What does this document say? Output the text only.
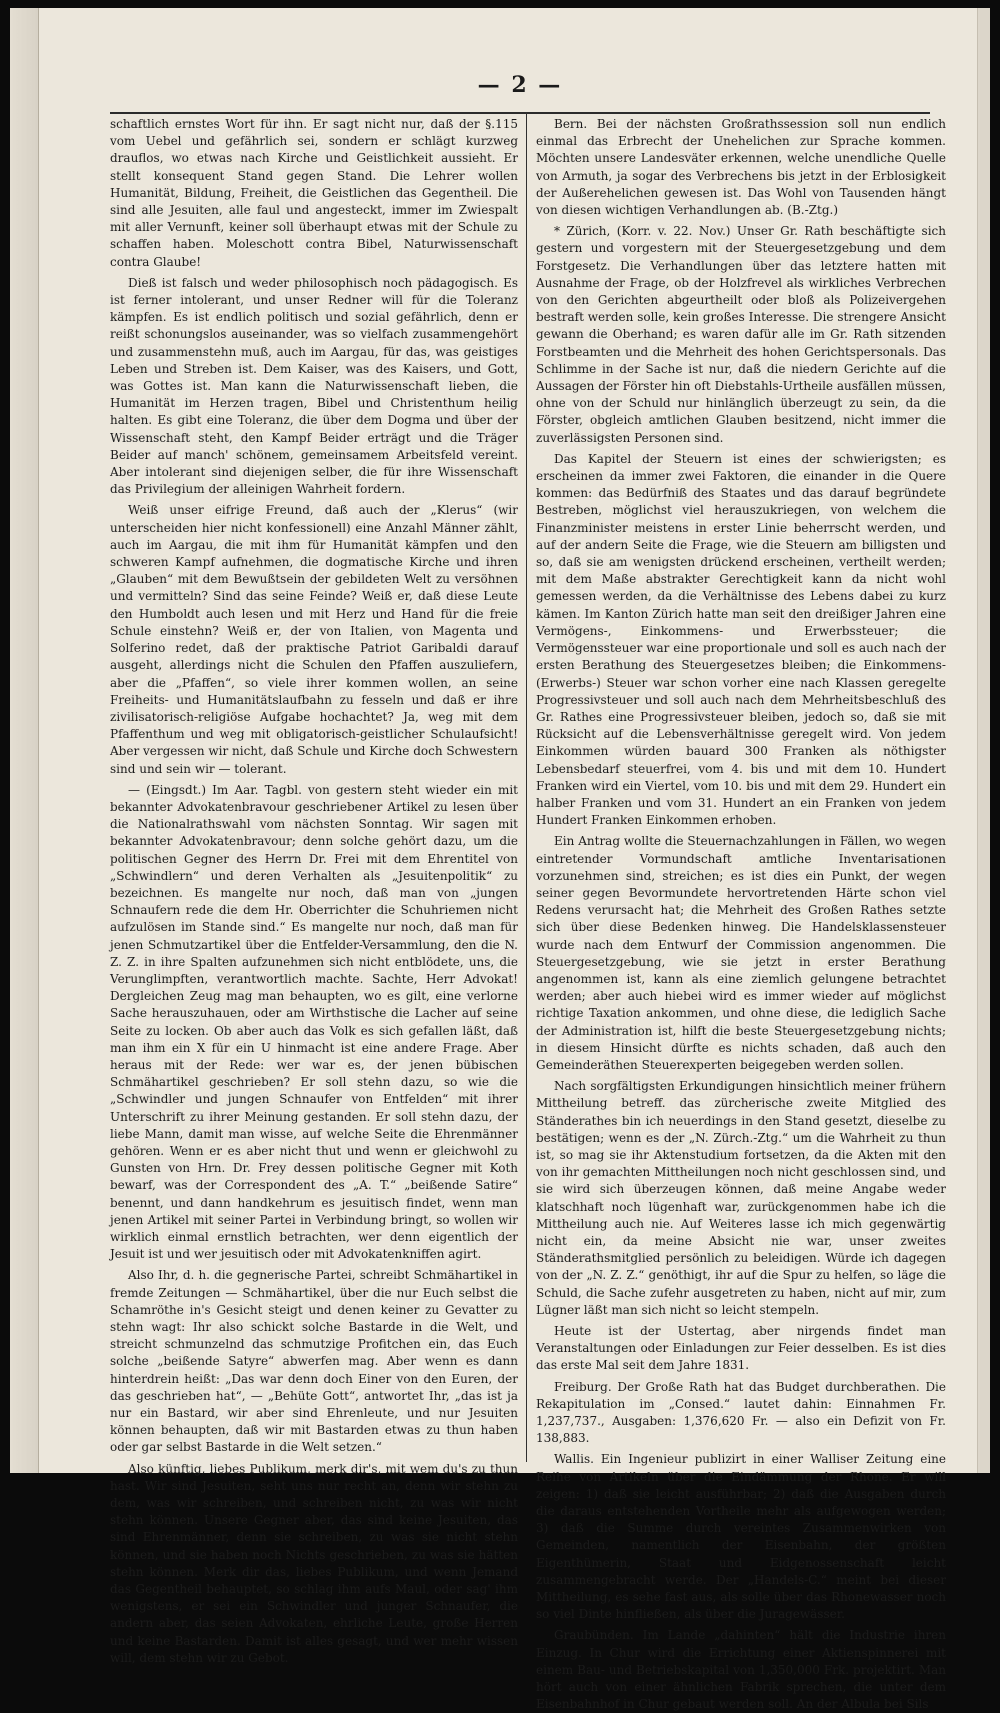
— 2 —

schaftlich ernstes Wort für ihn. Er sagt nicht nur, daß der §.115 vom Uebel und gefährlich sei, sondern er schlägt kurzweg drauflos, wo etwas nach Kirche und Geistlichkeit aussieht. Er stellt konsequent Stand gegen Stand. Die Lehrer wollen Humanität, Bildung, Freiheit, die Geistlichen das Gegentheil. Die sind alle Jesuiten, alle faul und angesteckt, immer im Zwiespalt mit aller Vernunft, keiner soll überhaupt etwas mit der Schule zu schaffen haben. Moleschott contra Bibel, Naturwissenschaft contra Glaube!

Dieß ist falsch und weder philosophisch noch pädagogisch. Es ist ferner intolerant, und unser Redner will für die Toleranz kämpfen. Es ist endlich politisch und sozial gefährlich, denn er reißt schonungslos auseinander, was so vielfach zusammengehört und zusammenstehn muß, auch im Aargau, für das, was geistiges Leben und Streben ist. Dem Kaiser, was des Kaisers, und Gott, was Gottes ist. Man kann die Naturwissenschaft lieben, die Humanität im Herzen tragen, Bibel und Christenthum heilig halten. Es gibt eine Toleranz, die über dem Dogma und über der Wissenschaft steht, den Kampf Beider erträgt und die Träger Beider auf manch' schönem, gemeinsamem Arbeitsfeld vereint. Aber intolerant sind diejenigen selber, die für ihre Wissenschaft das Privilegium der alleinigen Wahrheit fordern.

Weiß unser eifrige Freund, daß auch der „Klerus“ (wir unterscheiden hier nicht konfessionell) eine Anzahl Männer zählt, auch im Aargau, die mit ihm für Humanität kämpfen und den schweren Kampf aufnehmen, die dogmatische Kirche und ihren „Glauben“ mit dem Bewußtsein der gebildeten Welt zu versöhnen und vermitteln? Sind das seine Feinde? Weiß er, daß diese Leute den Humboldt auch lesen und mit Herz und Hand für die freie Schule einstehn? Weiß er, der von Italien, von Magenta und Solferino redet, daß der praktische Patriot Garibaldi darauf ausgeht, allerdings nicht die Schulen den Pfaffen auszuliefern, aber die „Pfaffen“, so viele ihrer kommen wollen, an seine Freiheits- und Humanitätslaufbahn zu fesseln und daß er ihre zivilisatorisch-religiöse Aufgabe hochachtet? Ja, weg mit dem Pfaffenthum und weg mit obligatorisch-geistlicher Schulaufsicht! Aber vergessen wir nicht, daß Schule und Kirche doch Schwestern sind und sein wir — tolerant.

— (Eingsdt.) Im Aar. Tagbl. von gestern steht wieder ein mit bekannter Advokatenbravour geschriebener Artikel zu lesen über die Nationalrathswahl vom nächsten Sonntag. Wir sagen mit bekannter Advokatenbravour; denn solche gehört dazu, um die politischen Gegner des Herrn Dr. Frei mit dem Ehrentitel von „Schwindlern“ und deren Verhalten als „Jesuitenpolitik“ zu bezeichnen. Es mangelte nur noch, daß man von „jungen Schnaufern rede die dem Hr. Oberrichter die Schuhriemen nicht aufzulösen im Stande sind.“ Es mangelte nur noch, daß man für jenen Schmutzartikel über die Entfelder-Versammlung, den die N. Z. Z. in ihre Spalten aufzunehmen sich nicht entblödete, uns, die Verunglimpften, verantwortlich machte. Sachte, Herr Advokat! Dergleichen Zeug mag man behaupten, wo es gilt, eine verlorne Sache herauszuhauen, oder am Wirthstische die Lacher auf seine Seite zu locken. Ob aber auch das Volk es sich gefallen läßt, daß man ihm ein X für ein U hinmacht ist eine andere Frage. Aber heraus mit der Rede: wer war es, der jenen bübischen Schmähartikel geschrieben? Er soll stehn dazu, so wie die „Schwindler und jungen Schnaufer von Entfelden“ mit ihrer Unterschrift zu ihrer Meinung gestanden. Er soll stehn dazu, der liebe Mann, damit man wisse, auf welche Seite die Ehrenmänner gehören. Wenn er es aber nicht thut und wenn er gleichwohl zu Gunsten von Hrn. Dr. Frey dessen politische Gegner mit Koth bewarf, was der Correspondent des „A. T.“ „beißende Satire“ benennt, und dann handkehrum es jesuitisch findet, wenn man jenen Artikel mit seiner Partei in Verbindung bringt, so wollen wir wirklich einmal ernstlich betrachten, wer denn eigentlich der Jesuit ist und wer jesuitisch oder mit Advokatenkniffen agirt.

Also Ihr, d. h. die gegnerische Partei, schreibt Schmähartikel in fremde Zeitungen — Schmähartikel, über die nur Euch selbst die Schamröthe in's Gesicht steigt und denen keiner zu Gevatter zu stehn wagt: Ihr also schickt solche Bastarde in die Welt, und streicht schmunzelnd das schmutzige Profitchen ein, das Euch solche „beißende Satyre“ abwerfen mag. Aber wenn es dann hinterdrein heißt: „Das war denn doch Einer von den Euren, der das geschrieben hat“, — „Behüte Gott“, antwortet Ihr, „das ist ja nur ein Bastard, wir aber sind Ehrenleute, und nur Jesuiten können behaupten, daß wir mit Bastarden etwas zu thun haben oder gar selbst Bastarde in die Welt setzen.“

Also künftig, liebes Publikum, merk dir's, mit wem du's zu thun hast. Wir sind Jesuiten, seht uns nur recht an, denn wir stehn zu dem, was wir schreiben, und schreiben nicht, zu was wir nicht stehn können. Unsere Gegner aber, das sind keine Jesuiten, das sind Ehrenmänner, denn sie schreiben, zu was sie nicht stehn können, und sie haben noch Nichts geschrieben, zu was sie hätten stehn können. Merk dir das, liebes Publikum, und wenn Jemand das Gegentheil behauptet, so schlag ihm aufs Maul, oder sag' ihm wenigstens, er sei ein Schwindler und junger Schnaufer, die andern aber, das seien Advokaten, ehrliche Leute, große Herren und keine Bastarden. Damit ist alles gesagt, und wer mehr wissen will, dem stehn wir zu Gebot.

Bern. Bei der nächsten Großrathssession soll nun endlich einmal das Erbrecht der Unehelichen zur Sprache kommen. Möchten unsere Landesväter erkennen, welche unendliche Quelle von Armuth, ja sogar des Verbrechens bis jetzt in der Erblosigkeit der Außerehelichen gewesen ist. Das Wohl von Tausenden hängt von diesen wichtigen Verhandlungen ab. (B.-Ztg.)

* Zürich, (Korr. v. 22. Nov.) Unser Gr. Rath beschäftigte sich gestern und vorgestern mit der Steuergesetzgebung und dem Forstgesetz. Die Verhandlungen über das letztere hatten mit Ausnahme der Frage, ob der Holzfrevel als wirkliches Verbrechen von den Gerichten abgeurtheilt oder bloß als Polizeivergehen bestraft werden solle, kein großes Interesse. Die strengere Ansicht gewann die Oberhand; es waren dafür alle im Gr. Rath sitzenden Forstbeamten und die Mehrheit des hohen Gerichtspersonals. Das Schlimme in der Sache ist nur, daß die niedern Gerichte auf die Aussagen der Förster hin oft Diebstahls-Urtheile ausfällen müssen, ohne von der Schuld nur hinlänglich überzeugt zu sein, da die Förster, obgleich amtlichen Glauben besitzend, nicht immer die zuverlässigsten Personen sind.

Das Kapitel der Steuern ist eines der schwierigsten; es erscheinen da immer zwei Faktoren, die einander in die Quere kommen: das Bedürfniß des Staates und das darauf begründete Bestreben, möglichst viel herauszukriegen, von welchem die Finanzminister meistens in erster Linie beherrscht werden, und auf der andern Seite die Frage, wie die Steuern am billigsten und so, daß sie am wenigsten drückend erscheinen, vertheilt werden; mit dem Maße abstrakter Gerechtigkeit kann da nicht wohl gemessen werden, da die Verhältnisse des Lebens dabei zu kurz kämen. Im Kanton Zürich hatte man seit den dreißiger Jahren eine Vermögens-, Einkommens- und Erwerbssteuer; die Vermögenssteuer war eine proportionale und soll es auch nach der ersten Berathung des Steuergesetzes bleiben; die Einkommens- (Erwerbs-) Steuer war schon vorher eine nach Klassen geregelte Progressivsteuer und soll auch nach dem Mehrheitsbeschluß des Gr. Rathes eine Progressivsteuer bleiben, jedoch so, daß sie mit Rücksicht auf die Lebensverhältnisse geregelt wird. Von jedem Einkommen würden bauard 300 Franken als nöthigster Lebensbedarf steuerfrei, vom 4. bis und mit dem 10. Hundert Franken wird ein Viertel, vom 10. bis und mit dem 29. Hundert ein halber Franken und vom 31. Hundert an ein Franken von jedem Hundert Franken Einkommen erhoben.

Ein Antrag wollte die Steuernachzahlungen in Fällen, wo wegen eintretender Vormundschaft amtliche Inventarisationen vorzunehmen sind, streichen; es ist dies ein Punkt, der wegen seiner gegen Bevormundete hervortretenden Härte schon viel Redens verursacht hat; die Mehrheit des Großen Rathes setzte sich über diese Bedenken hinweg. Die Handelsklassensteuer wurde nach dem Entwurf der Commission angenommen. Die Steuergesetzgebung, wie sie jetzt in erster Berathung angenommen ist, kann als eine ziemlich gelungene betrachtet werden; aber auch hiebei wird es immer wieder auf möglichst richtige Taxation ankommen, und ohne diese, die lediglich Sache der Administration ist, hilft die beste Steuergesetzgebung nichts; in diesem Hinsicht dürfte es nichts schaden, daß auch den Gemeinderäthen Steuerexperten beigegeben werden sollen.

Nach sorgfältigsten Erkundigungen hinsichtlich meiner frühern Mittheilung betreff. das zürcherische zweite Mitglied des Ständerathes bin ich neuerdings in den Stand gesetzt, dieselbe zu bestätigen; wenn es der „N. Zürch.-Ztg.“ um die Wahrheit zu thun ist, so mag sie ihr Aktenstudium fortsetzen, da die Akten mit den von ihr gemachten Mittheilungen noch nicht geschlossen sind, und sie wird sich überzeugen können, daß meine Angabe weder klatschhaft noch lügenhaft war, zurückgenommen habe ich die Mittheilung auch nie. Auf Weiteres lasse ich mich gegenwärtig nicht ein, da meine Absicht nie war, unser zweites Ständerathsmitglied persönlich zu beleidigen. Würde ich dagegen von der „N. Z. Z.“ genöthigt, ihr auf die Spur zu helfen, so läge die Schuld, die Sache zufehr ausgetreten zu haben, nicht auf mir, zum Lügner läßt man sich nicht so leicht stempeln.

Heute ist der Ustertag, aber nirgends findet man Veranstaltungen oder Einladungen zur Feier desselben. Es ist dies das erste Mal seit dem Jahre 1831.

Freiburg. Der Große Rath hat das Budget durchberathen. Die Rekapitulation im „Consed.“ lautet dahin: Einnahmen Fr. 1,237,737., Ausgaben: 1,376,620 Fr. — also ein Defizit von Fr. 138,883.

Wallis. Ein Ingenieur publizirt in einer Walliser Zeitung eine Reihe von Artikeln über die Eindämmung der Rhone. Er will zeigen: 1) daß sie leicht ausführbar; 2) daß die Ausgaben durch die daraus entstehenden Vortheile mehr als aufgewogen werden; 3) daß die Summe durch vereintes Zusammenwirken von Gemeinden, namentlich der Eisenbahn, der größten Eigenthümerin, Staat und Eidgenossenschaft leicht zusammengebracht werde. Der „Handels-C.“ meint bei dieser Mittheilung, es sehe fast aus, als solle über das Rhonewasser noch so viel Dinte hinfließen, als über die Juragewässer.

Graubünden. Im Lande „dahinten“ hält die Industrie ihren Einzug. In Chur wird die Errichtung einer Aktienspinnerei mit einem Bau- und Betriebskapital von 1,350,000 Frk. projektirt. Man hört auch von einer ähnlichen Fabrik sprechen, die unter dem Eisenbahnhof in Chur gebaut werden soll. An der Albula bei Sils
